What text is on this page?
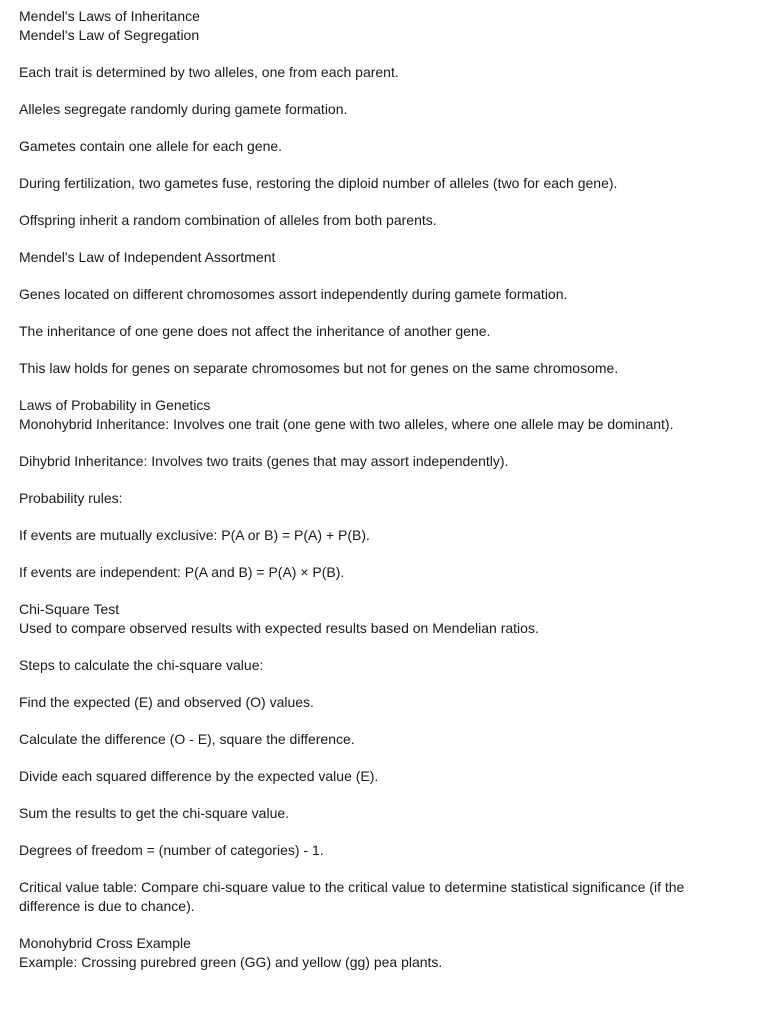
Mendel's Laws of Inheritance

Mendel's Law of Segregation

Each trait is determined by two alleles, one from each parent.

Alleles segregate randomly during gamete formation.

Gametes contain one allele for each gene.

During fertilization, two gametes fuse, restoring the diploid number of alleles (two for each gene).

Offspring inherit a random combination of alleles from both parents.

Mendel's Law of Independent Assortment

Genes located on different chromosomes assort independently during gamete formation.

The inheritance of one gene does not affect the inheritance of another gene.

This law holds for genes on separate chromosomes but not for genes on the same chromosome.

Laws of Probability in Genetics

Monohybrid Inheritance: Involves one trait (one gene with two alleles, where one allele may be dominant).

Dihybrid Inheritance: Involves two traits (genes that may assort independently).

Probability rules:

If events are mutually exclusive: P(A or B) = P(A) + P(B).

If events are independent: P(A and B) = P(A) × P(B).

Chi-Square Test

Used to compare observed results with expected results based on Mendelian ratios.

Steps to calculate the chi-square value:

Find the expected (E) and observed (O) values.

Calculate the difference (O - E), square the difference.

Divide each squared difference by the expected value (E).

Sum the results to get the chi-square value.

Degrees of freedom = (number of categories) - 1.

Critical value table: Compare chi-square value to the critical value to determine statistical significance (if the difference is due to chance).

Monohybrid Cross Example

Example: Crossing purebred green (GG) and yellow (gg) pea plants.
